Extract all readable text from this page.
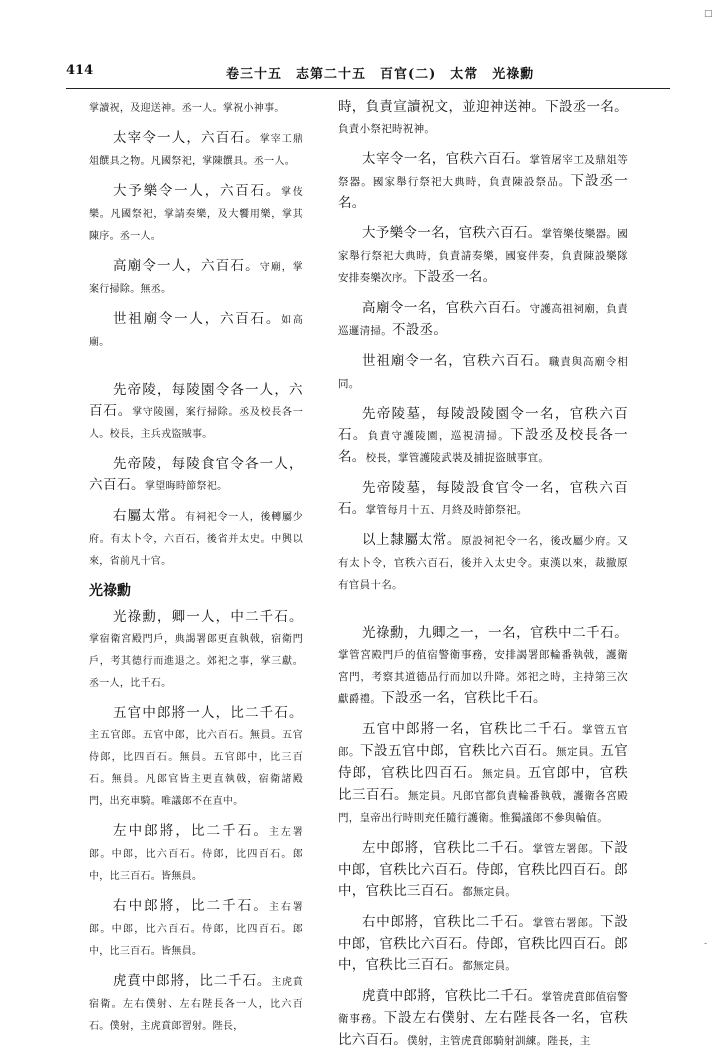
□
-
414	卷三十五　志第二十五　百官(二)　太常　光祿勳

掌讀祝，及迎送神。丞一人。掌祝小神事。

太宰令一人，六百石。掌宰工鼎俎饌具之物。凡國祭祀，掌陳饌具。丞一人。

大予樂令一人，六百石。掌伎樂。凡國祭祀，掌請奏樂，及大饗用樂，掌其陳序。丞一人。

高廟令一人，六百石。守廟，掌案行掃除。無丞。

世祖廟令一人，六百石。如高廟。

先帝陵，每陵園令各一人，六百石。掌守陵園，案行掃除。丞及校長各一人。校長，主兵戎盜賊事。

先帝陵，每陵食官令各一人，六百石。掌望晦時節祭祀。

右屬太常。有祠祀令一人，後轉屬少府。有太卜令，六百石，後省并太史。中興以來，省前凡十官。

光祿勳

光祿勳，卿一人，中二千石。掌宿衛宮殿門戶，典謁署郎更直執戟，宿衛門戶，考其德行而進退之。郊祀之事，掌三獻。丞一人，比千石。

五官中郎將一人，比二千石。主五官郎。五官中郎，比六百石。無員。五官侍郎，比四百石。無員。五官郎中，比三百石。無員。凡郎官皆主更直執戟，宿衛諸殿門，出充車騎。唯議郎不在直中。

左中郎將，比二千石。主左署郎。中郎，比六百石。侍郎，比四百石。郎中，比三百石。皆無員。

右中郎將，比二千石。主右署郎。中郎，比六百石。侍郎，比四百石。郎中，比三百石。皆無員。

虎賁中郎將，比二千石。主虎賁宿衛。左右僕射、左右陛長各一人，比六百石。僕射，主虎賁郎習射。陛長，

時，負責宣讀祝文，並迎神送神。下設丞一名。負責小祭祀時祝神。

太宰令一名，官秩六百石。掌管屠宰工及鼎俎等祭器。國家舉行祭祀大典時，負責陳設祭品。下設丞一名。

大予樂令一名，官秩六百石。掌管樂伎樂器。國家舉行祭祀大典時，負責請奏樂，國宴伴奏，負責陳設樂隊安排奏樂次序。下設丞一名。

高廟令一名，官秩六百石。守護高祖祠廟，負責巡邏清掃。不設丞。

世祖廟令一名，官秩六百石。職責與高廟令相同。

先帝陵墓，每陵設陵園令一名，官秩六百石。負責守護陵園，巡視清掃。下設丞及校長各一名。校長，掌管護陵武裝及捕捉盜賊事宜。

先帝陵墓，每陵設食官令一名，官秩六百石。掌管每月十五、月終及時節祭祀。

以上隸屬太常。原設祠祀令一名，後改屬少府。又有太卜令，官秩六百石，後并入太史令。東漢以來，裁撤原有官員十名。

光祿勳，九卿之一，一名，官秩中二千石。掌管宮殿門戶的值宿警衛事務，安排謁署郎輪番執戟，護衛宮門，考察其道德品行而加以升降。郊祀之時，主持第三次獻爵禮。下設丞一名，官秩比千石。

五官中郎將一名，官秩比二千石。掌管五官郎。下設五官中郎，官秩比六百石。無定員。五官侍郎，官秩比四百石。無定員。五官郎中，官秩比三百石。無定員。凡郎官都負責輪番執戟，護衛各宮殿門，皇帝出行時則充任隨行護衛。惟獨議郎不參與輪值。

左中郎將，官秩比二千石。掌管左署郎。下設中郎，官秩比六百石。侍郎，官秩比四百石。郎中，官秩比三百石。都無定員。

右中郎將，官秩比二千石。掌管右署郎。下設中郎，官秩比六百石。侍郎，官秩比四百石。郎中，官秩比三百石。都無定員。

虎賁中郎將，官秩比二千石。掌管虎賁郎值宿警衛事務。下設左右僕射、左右陛長各一名，官秩比六百石。僕射，主管虎賁郎騎射訓練。陛長，主
